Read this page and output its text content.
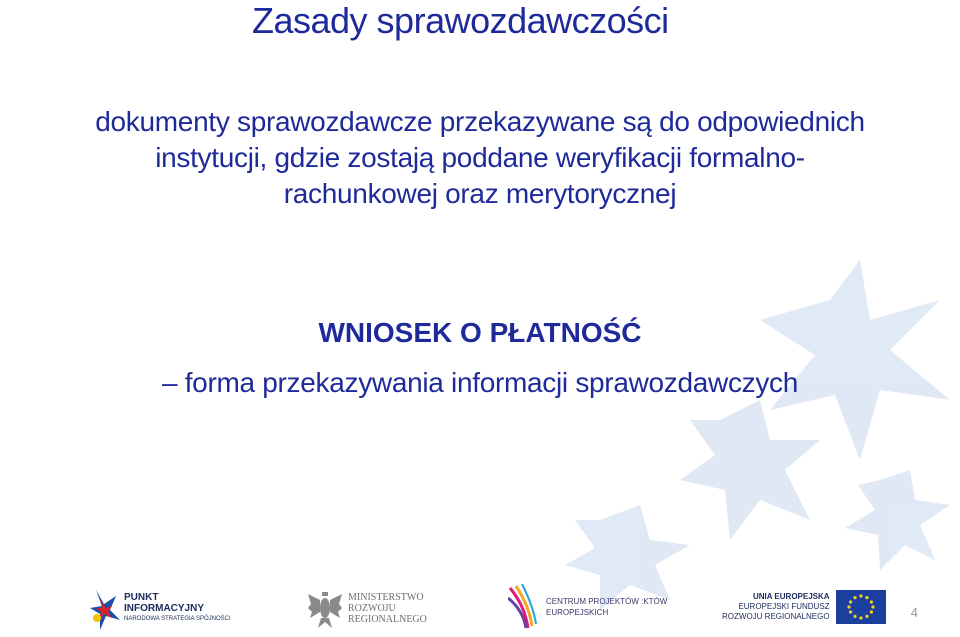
Zasady sprawozdawczości

dokumenty sprawozdawcze przekazywane są do odpowiednich
instytucji, gdzie zostają poddane weryfikacji formalno-
rachunkowej oraz merytorycznej

WNIOSEK O PŁATNOŚĆ

– forma przekazywania informacji sprawozdawczych

PUNKT
INFORMACYJNY
NARODOWA STRATEGIA SPÓJNOŚCI
MINISTERSTWO
ROZWOJU
REGIONALNEGO
CENTRUM PROJEKTÓW :KTÓW
EUROPEJSKICH
UNIA EUROPEJSKA
EUROPEJSKI FUNDUSZ
ROZWOJU REGIONALNEGO	4
